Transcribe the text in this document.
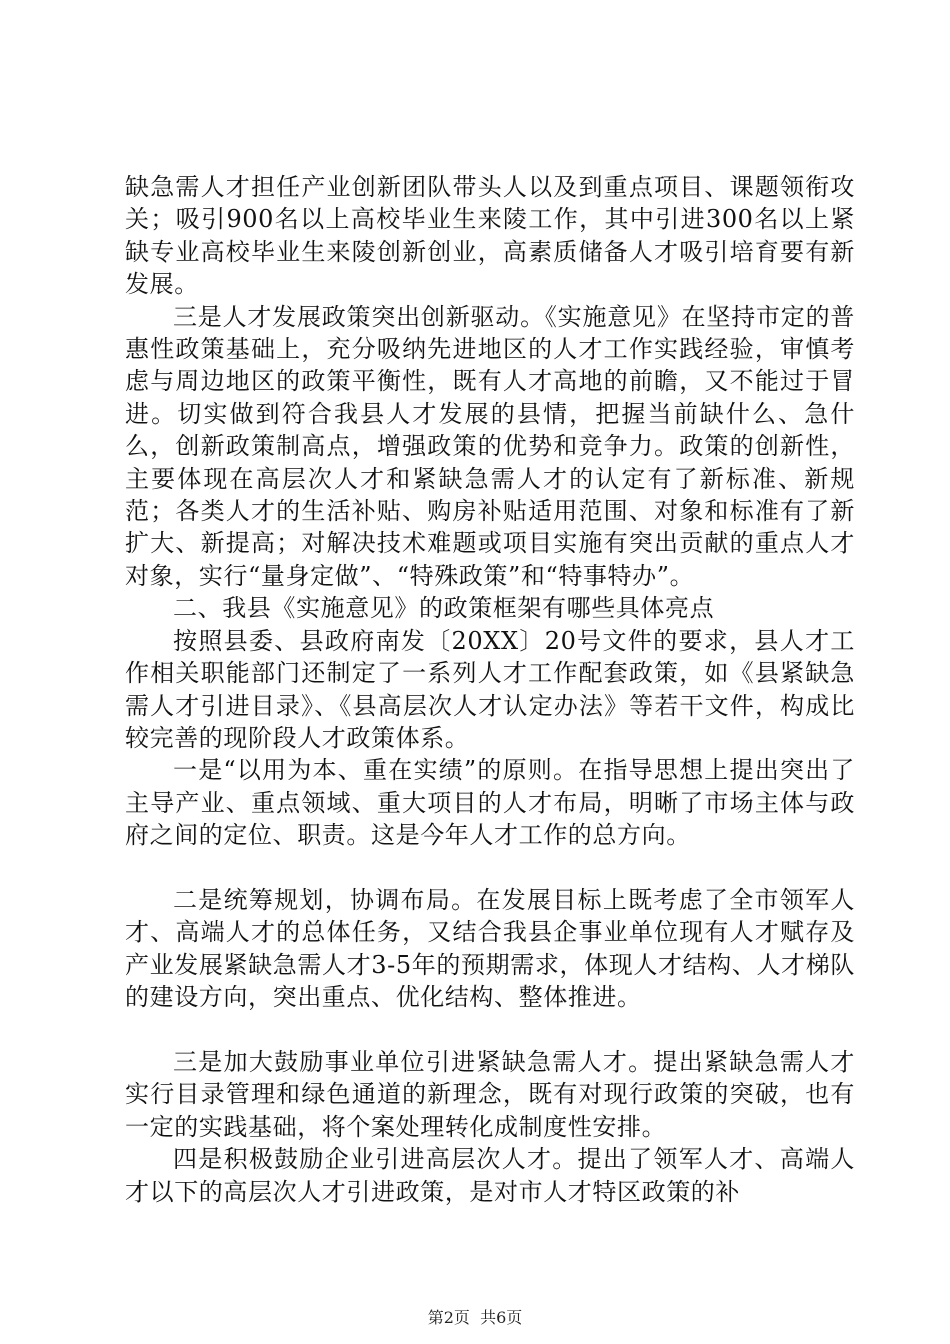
缺急需人才担任产业创新团队带头人以及到重点项目、课题领衔攻关；吸引900名以上高校毕业生来陵工作，其中引进300名以上紧缺专业高校毕业生来陵创新创业，高素质储备人才吸引培育要有新发展。

三是人才发展政策突出创新驱动。《实施意见》在坚持市定的普惠性政策基础上，充分吸纳先进地区的人才工作实践经验，审慎考虑与周边地区的政策平衡性，既有人才高地的前瞻，又不能过于冒进。切实做到符合我县人才发展的县情，把握当前缺什么、急什么，创新政策制高点，增强政策的优势和竞争力。政策的创新性，主要体现在高层次人才和紧缺急需人才的认定有了新标准、新规范；各类人才的生活补贴、购房补贴适用范围、对象和标准有了新扩大、新提高；对解决技术难题或项目实施有突出贡献的重点人才对象，实行“量身定做”、“特殊政策”和“特事特办”。

二、我县《实施意见》的政策框架有哪些具体亮点

按照县委、县政府南发〔20XX〕20号文件的要求，县人才工作相关职能部门还制定了一系列人才工作配套政策，如《县紧缺急需人才引进目录》、《县高层次人才认定办法》等若干文件，构成比较完善的现阶段人才政策体系。

一是“以用为本、重在实绩”的原则。在指导思想上提出突出了主导产业、重点领域、重大项目的人才布局，明晰了市场主体与政府之间的定位、职责。这是今年人才工作的总方向。

二是统筹规划，协调布局。在发展目标上既考虑了全市领军人才、高端人才的总体任务，又结合我县企事业单位现有人才赋存及产业发展紧缺急需人才3-5年的预期需求，体现人才结构、人才梯队的建设方向，突出重点、优化结构、整体推进。

三是加大鼓励事业单位引进紧缺急需人才。提出紧缺急需人才实行目录管理和绿色通道的新理念，既有对现行政策的突破，也有一定的实践基础，将个案处理转化成制度性安排。

四是积极鼓励企业引进高层次人才。提出了领军人才、高端人才以下的高层次人才引进政策，是对市人才特区政策的补

第2页  共6页
